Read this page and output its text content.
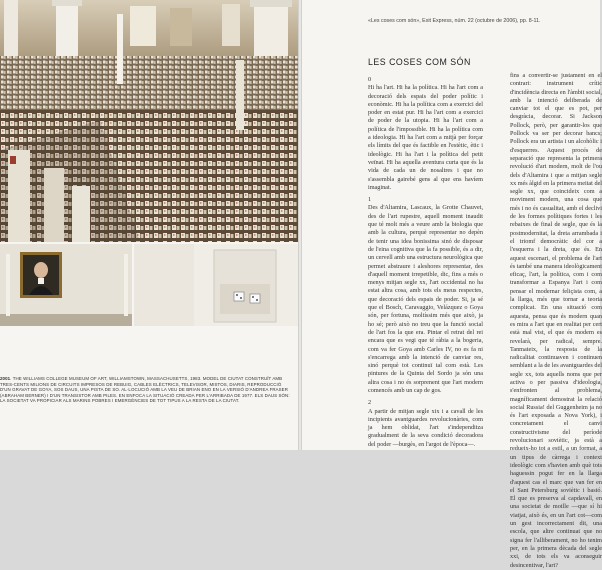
2001. THE WILLIAMS COLLEGE MUSEUM OF ART, WILLIAMSTOWN, MASSACHUSETTS, 1983. MODEL DE CIUTAT CONSTRUÏT AMB TRES-CENTS MILIONS DE CIRCUITS IMPRESOS DE REBUIG, CABLES ELÈCTRICS, TELEVISOR, MISTOS, DIARIS, REPRODUCCIÓ D'UN GRAVAT DE GOYA, SOS DAUS, UNA PISTA DE SO. AL·LOCUCIÓ AMB LA VEU DE BRIAN ENO EN LA VERSIÓ D'ANDREA FRASER (ABRAHAM BERNER) I D'UN TRANSISTOR AMB PILES. EN ENFOCA LA SITUACIÓ CREADA PER L'ARRIBADA DE 1977. ELS DAUS SÓN: LA SOCIETAT VA PROPICIAR ALS MARINS POBRES I EMERGÈNCIES DE TOT TIPUS A LA RESTA DE LA CIUTAT.
«Les coses com són», Exit Express, núm. 22 (octubre de 2006), pp. 8-11.
LES COSES COM SÓN
0

Hi ha l'art. Hi ha la política. Hi ha l'art com a decoració dels espais del poder polític i econòmic. Hi ha la política com a exercici del poder en estat pur. Hi ha l'art com a exercici de poder de la utopia. Hi ha l'art com a política de l'impossible. Hi ha la política com a ideologia. Hi ha l'art com a mitjà per forçar els límits del que és factible en l'estètic, ètic i ideològic. Hi ha l'art i la política del petit veïnat. Hi ha aquella aventura curta que és la vida de cada un de nosaltres i que no s'assembla gairebé gens al que ens havíem imaginat.

1

Des d'Altamira, Lascaux, la Grotte Chauvet, des de l'art rupestre, aquell moment inaudit que té molt més a veure amb la biologia que amb la cultura, perquè representar no depèn de tenir una idea bonissima sinó de disposar de l'eina cognitiva que la fa possible, és a dir, un cervell amb una estructura neurològica que permet abstraure i aleshores representar, des d'aquell moment irrepetible, dic, fins a més o menys mitjan segle xx, l'art occidental no ha estat altra cosa, amb tots els meus respectes, que decoració dels espais de poder. Si, ja sé que el Bosch, Caravaggio, Velázquez o Goya són, per fortuna, moltíssim més que això, ja ho sé; però això no treu que la funció social de l'art fos la que era. Pintar el retrat del rei encara que es vegi que té ràbia a la bogeria, com va fer Goya amb Carles IV, no es fa ni s'encarrega amb la intenció de canviar res, sinó perquè tot continuï tal com està. Les pintures de la Quinta del Sordo ja són una altra cosa i no és sorprenent que l'art modern comencés amb un cap de gos.

2

A partir de mitjan segle xix i a cavall de les incipients avantguardes revolucionàries, com ja hem oblidat, l'art s'independitza gradualment de la seva condició decoradora del poder —burgès, en l'argot de l'època—.

fins a convertir-se justament en el contrari: instrument crític d'incidència directa en l'àmbit social, amb la intenció deliberada de canviar tot el que es pot, per desgràcia, decorar. Si Jackson Pollock, però, per garantir-los que Pollock va ser per decorar bancs; Pollock era un artista i un alcohòlic i d'esquerres. Aquest procés de separació que representa la primera revolució d'art modern, molt de l'ou dels d'Altamira i que a mitjan segle xx més àlgid en la primera meitat del segle xx, que coincideix com a moviment modern, una cosa que més i no és casualitat, amb el declivi de les formes polítiques fortes i les rebaixes de final de segle, que és la postmodernitat, la dreta arrambada i el triomf democràtic del cor a l'esquerra i la dreta, que és. En aquest escenari, el problema de l'art és també una manera ideològicament eficaç, l'art, la política, com i com transformar a Espanya l'art i com pensar el modernar feliçista com, a la llarga, més que tornar a teoria complicat. En una situació com aquesta, pensa que és modern quan es mira a l'art que en realitat per cert està mal vist, el que és modern es revelarà, per radical, sempre. Tanmateix, la resposta de la radicalitat continuaven i continuen semblant a la de les avantguardes del segle xx, tots aquells noms que per activa o per passiva d'ideologia, s'enfronten al problema, magníficament demostrat la relació social Russia! del Guggenheim ja no és l'art exposada a Nova York), i concretament el canvi constructivisme del període revolucionari soviètic, ja està a redueix-ho tot a estil, a un format, a un tipus de càrrega i context ideològic com s'havien amb què tots haguessin pogut fer en la llarga d'aquest cas el marc que van fer en el Sant Petersburg soviètic i bastó. El que es preserva al capdavall, en una societat de motlle —que sí hi viatjat, això és, en un l'art cot—com un gest incorrectament dit, una escola, que altre continuat que no signa fer l'alliberament, no ho tenim per, en la primera dècada del segle xxi, de tots els va aconseguir desincentivar, l'art?
